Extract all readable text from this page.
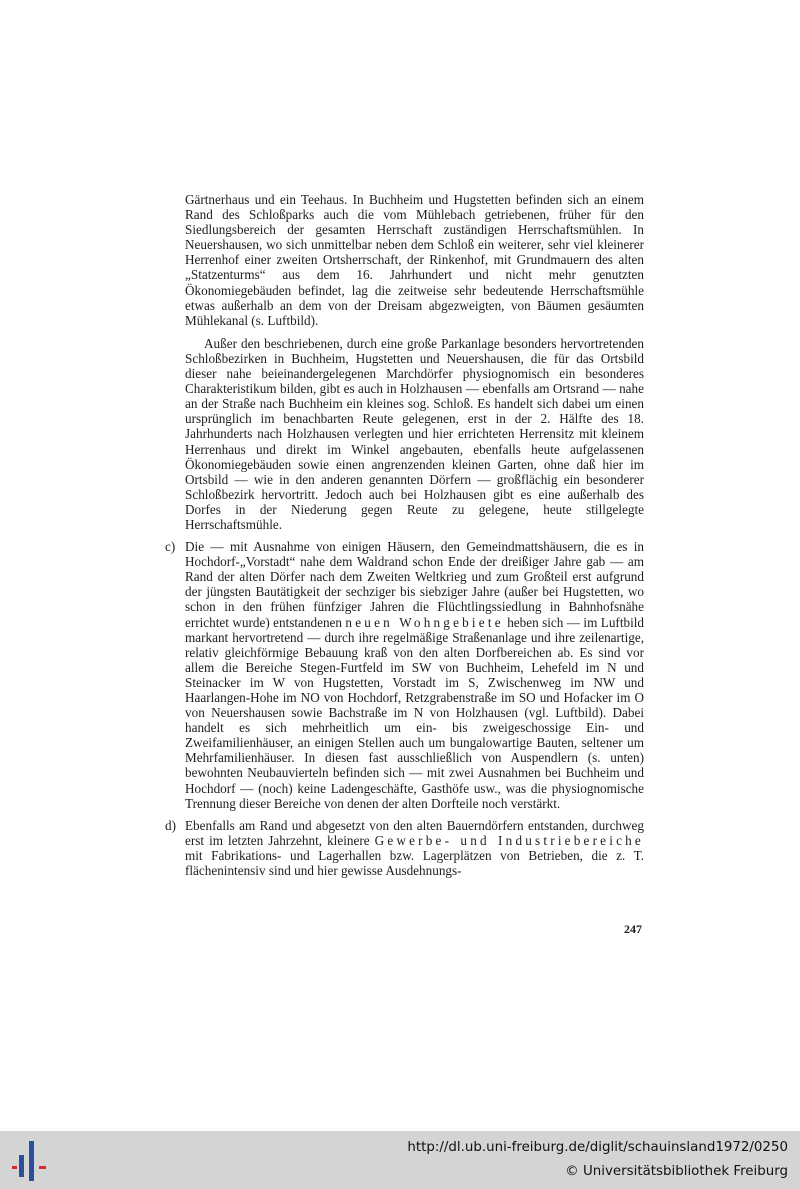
Gärtnerhaus und ein Teehaus. In Buchheim und Hugstetten befinden sich an einem Rand des Schloßparks auch die vom Mühlebach getriebenen, früher für den Siedlungsbereich der gesamten Herrschaft zuständigen Herrschaftsmühlen. In Neuershausen, wo sich unmittelbar neben dem Schloß ein weiterer, sehr viel kleinerer Herrenhof einer zweiten Ortsherrschaft, der Rinkenhof, mit Grundmauern des alten „Statzenturms“ aus dem 16. Jahrhundert und nicht mehr genutzten Ökonomiegebäuden befindet, lag die zeitweise sehr bedeutende Herrschaftsmühle etwas außerhalb an dem von der Dreisam abgezweigten, von Bäumen gesäumten Mühlekanal (s. Luftbild).

Außer den beschriebenen, durch eine große Parkanlage besonders hervortretenden Schloßbezirken in Buchheim, Hugstetten und Neuershausen, die für das Ortsbild dieser nahe beieinandergelegenen Marchdörfer physiognomisch ein besonderes Charakteristikum bilden, gibt es auch in Holzhausen — ebenfalls am Ortsrand — nahe an der Straße nach Buchheim ein kleines sog. Schloß. Es handelt sich dabei um einen ursprünglich im benachbarten Reute gelegenen, erst in der 2. Hälfte des 18. Jahrhunderts nach Holzhausen verlegten und hier errichteten Herrensitz mit kleinem Herrenhaus und direkt im Winkel angebauten, ebenfalls heute aufgelassenen Ökonomiegebäuden sowie einen angrenzenden kleinen Garten, ohne daß hier im Ortsbild — wie in den anderen genannten Dörfern — großflächig ein besonderer Schloßbezirk hervortritt. Jedoch auch bei Holzhausen gibt es eine außerhalb des Dorfes in der Niederung gegen Reute zu gelegene, heute stillgelegte Herrschaftsmühle.

c) Die — mit Ausnahme von einigen Häusern, den Gemeindmattshäusern, die es in Hochdorf-„Vorstadt“ nahe dem Waldrand schon Ende der dreißiger Jahre gab — am Rand der alten Dörfer nach dem Zweiten Weltkrieg und zum Großteil erst aufgrund der jüngsten Bautätigkeit der sechziger bis siebziger Jahre (außer bei Hugstetten, wo schon in den frühen fünfziger Jahren die Flüchtlingssiedlung in Bahnhofsnähe errichtet wurde) entstandenen neuen Wohngebiete heben sich — im Luftbild markant hervortretend — durch ihre regelmäßige Straßenanlage und ihre zeilenartige, relativ gleichförmige Bebauung kraß von den alten Dorfbereichen ab. Es sind vor allem die Bereiche Stegen-Furtfeld im SW von Buchheim, Lehefeld im N und Steinacker im W von Hugstetten, Vorstadt im S, Zwischenweg im NW und Haarlangen-Hohe im NO von Hochdorf, Retzgrabenstraße im SO und Hofacker im O von Neuershausen sowie Bachstraße im N von Holzhausen (vgl. Luftbild). Dabei handelt es sich mehrheitlich um ein- bis zweigeschossige Ein- und Zweifamilienhäuser, an einigen Stellen auch um bungalowartige Bauten, seltener um Mehrfamilienhäuser. In diesen fast ausschließlich von Auspendlern (s. unten) bewohnten Neubauvierteln befinden sich — mit zwei Ausnahmen bei Buchheim und Hochdorf — (noch) keine Ladengeschäfte, Gasthöfe usw., was die physiognomische Trennung dieser Bereiche von denen der alten Dorfteile noch verstärkt.

d) Ebenfalls am Rand und abgesetzt von den alten Bauerndörfern entstanden, durchweg erst im letzten Jahrzehnt, kleinere Gewerbe- und Industriebereiche mit Fabrikations- und Lagerhallen bzw. Lagerplätzen von Betrieben, die z. T. flächenintensiv sind und hier gewisse Ausdehnungs-

247
http://dl.ub.uni-freiburg.de/diglit/schauinsland1972/0250
© Universitätsbibliothek Freiburg
